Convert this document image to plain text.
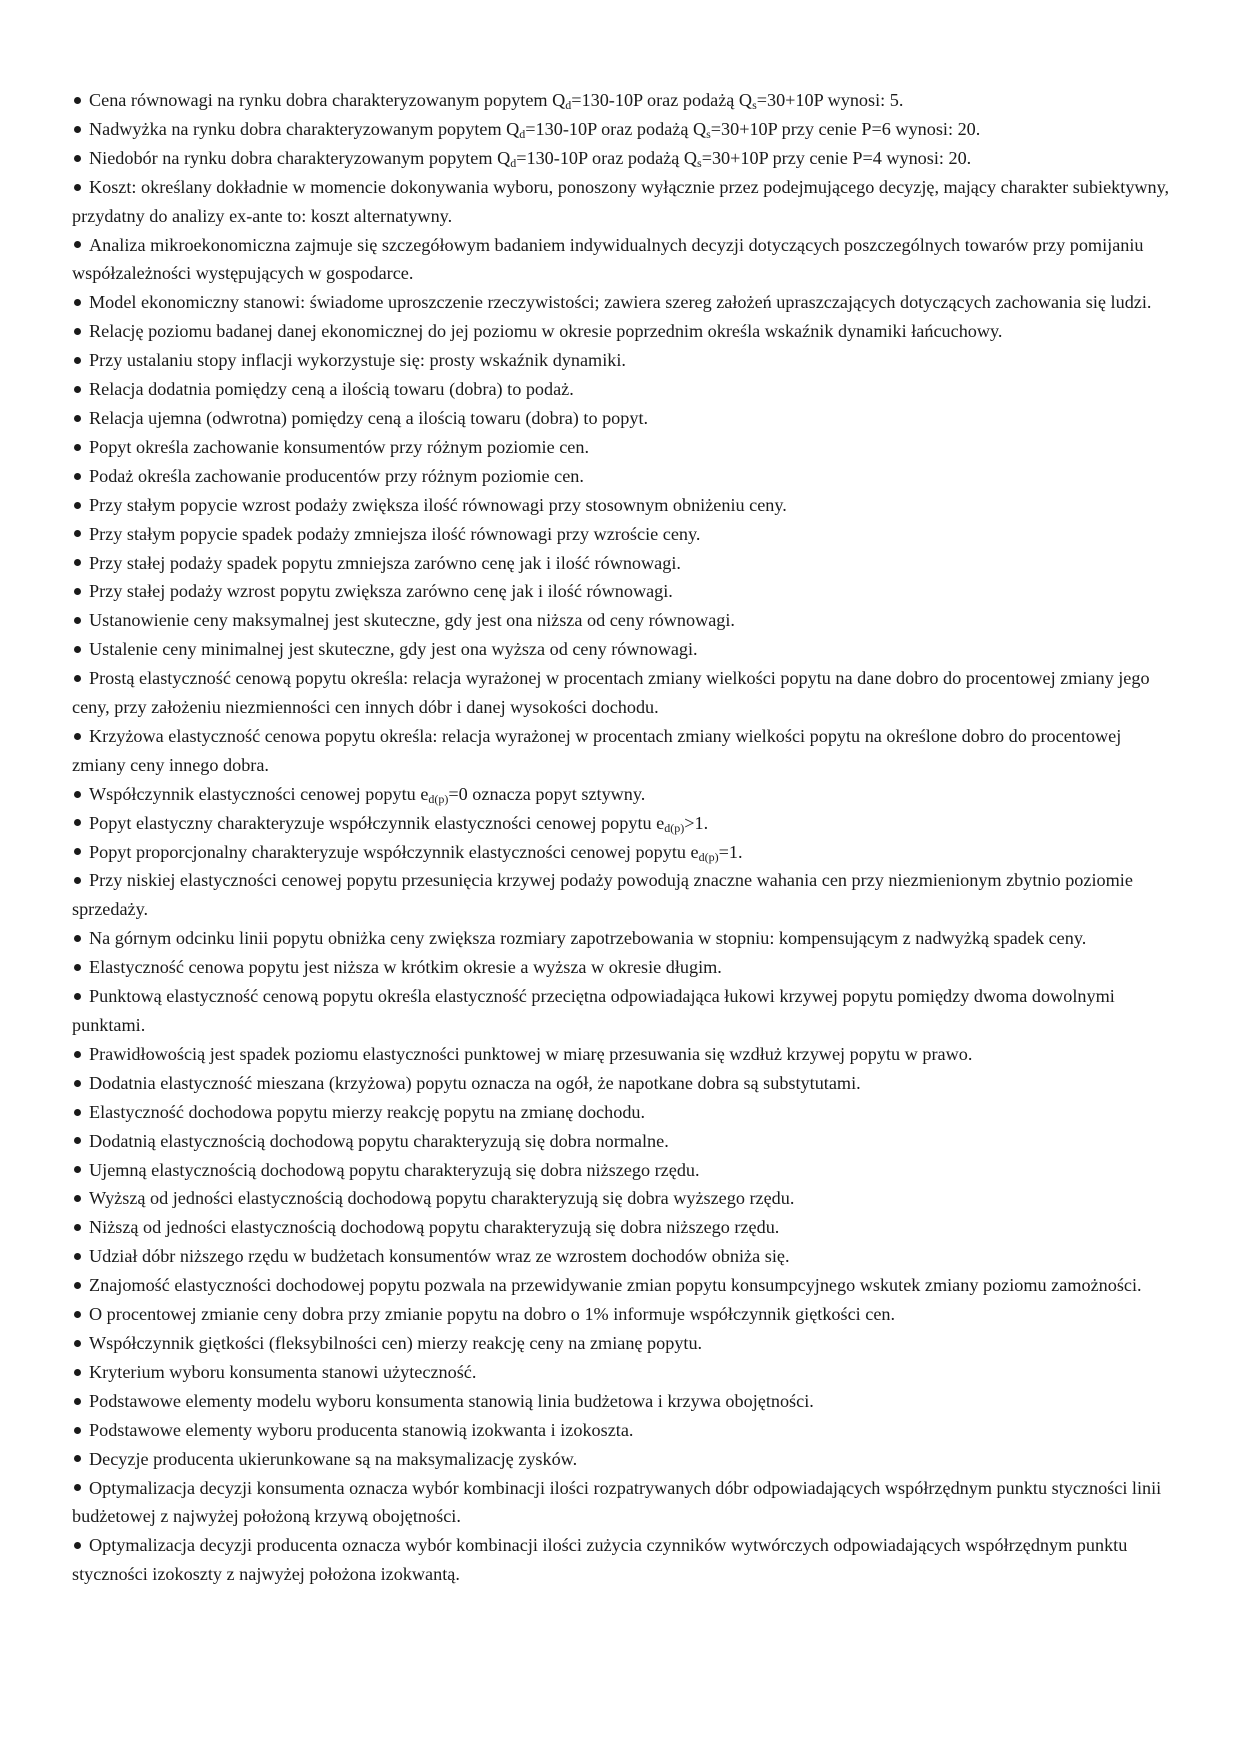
Cena równowagi na rynku dobra charakteryzowanym popytem $Q_d=130-10P$ oraz podażą $Q_s=30+10P$ wynosi: 5.

Nadwyżka na rynku dobra charakteryzowanym popytem $Q_d=130-10P$ oraz podażą $Q_s=30+10P$ przy cenie P=6 wynosi: 20.

Niedobór na rynku dobra charakteryzowanym popytem $Q_d=130-10P$ oraz podażą $Q_s=30+10P$ przy cenie P=4 wynosi: 20.

Koszt: określany dokładnie w momencie dokonywania wyboru, ponoszony wyłącznie przez podejmującego decyzję, mający charakter subiektywny, przydatny do analizy ex-ante to: koszt alternatywny.

Analiza mikroekonomiczna zajmuje się szczegółowym badaniem indywidualnych decyzji dotyczących poszczególnych towarów przy pomijaniu współzależności występujących w gospodarce.

Model ekonomiczny stanowi: świadome uproszczenie rzeczywistości; zawiera szereg założeń upraszczających dotyczących zachowania się ludzi.

Relację poziomu badanej danej ekonomicznej do jej poziomu w okresie poprzednim określa wskaźnik dynamiki łańcuchowy.

Przy ustalaniu stopy inflacji wykorzystuje się: prosty wskaźnik dynamiki.

Relacja dodatnia pomiędzy ceną a ilością towaru (dobra) to podaż.

Relacja ujemna (odwrotna) pomiędzy ceną a ilością towaru (dobra) to popyt.

Popyt określa zachowanie konsumentów przy różnym poziomie cen.

Podaż określa zachowanie producentów przy różnym poziomie cen.

Przy stałym popycie wzrost podaży zwiększa ilość równowagi przy stosownym obniżeniu ceny.

Przy stałym popycie spadek podaży zmniejsza ilość równowagi przy wzroście ceny.

Przy stałej podaży spadek popytu zmniejsza zarówno cenę jak i ilość równowagi.

Przy stałej podaży wzrost popytu zwiększa zarówno cenę jak i ilość równowagi.

Ustanowienie ceny maksymalnej jest skuteczne, gdy jest ona niższa od ceny równowagi.

Ustalenie ceny minimalnej jest skuteczne, gdy jest ona wyższa od ceny równowagi.

Prostą elastyczność cenową popytu określa: relacja wyrażonej w procentach zmiany wielkości popytu na dane dobro do procentowej zmiany jego ceny, przy założeniu niezmienności cen innych dóbr i danej wysokości dochodu.

Krzyżowa elastyczność cenowa popytu określa: relacja wyrażonej w procentach zmiany wielkości popytu na określone dobro do procentowej zmiany ceny innego dobra.

Współczynnik elastyczności cenowej popytu $e_{d(p)}=0$ oznacza popyt sztywny.

Popyt elastyczny charakteryzuje współczynnik elastyczności cenowej popytu $e_{d(p)}>1$.

Popyt proporcjonalny charakteryzuje współczynnik elastyczności cenowej popytu $e_{d(p)}=1$.

Przy niskiej elastyczności cenowej popytu przesunięcia krzywej podaży powodują znaczne wahania cen przy niezmienionym zbytnio poziomie sprzedaży.

Na górnym odcinku linii popytu obniżka ceny zwiększa rozmiary zapotrzebowania w stopniu: kompensującym z nadwyżką spadek ceny.

Elastyczność cenowa popytu jest niższa w krótkim okresie a wyższa w okresie długim.

Punktową elastyczność cenową popytu określa elastyczność przeciętna odpowiadająca łukowi krzywej popytu pomiędzy dwoma dowolnymi punktami.

Prawidłowością jest spadek poziomu elastyczności punktowej w miarę przesuwania się wzdłuż krzywej popytu w prawo.

Dodatnia elastyczność mieszana (krzyżowa) popytu oznacza na ogół, że napotkane dobra są substytutami.

Elastyczność dochodowa popytu mierzy reakcję popytu na zmianę dochodu.

Dodatnią elastycznością dochodową popytu charakteryzują się dobra normalne.

Ujemną elastycznością dochodową popytu charakteryzują się dobra niższego rzędu.

Wyższą od jedności elastycznością dochodową popytu charakteryzują się dobra wyższego rzędu.

Niższą od jedności elastycznością dochodową popytu charakteryzują się dobra niższego rzędu.

Udział dóbr niższego rzędu w budżetach konsumentów wraz ze wzrostem dochodów obniża się.

Znajomość elastyczności dochodowej popytu pozwala na przewidywanie zmian popytu konsumpcyjnego wskutek zmiany poziomu zamożności.

O procentowej zmianie ceny dobra przy zmianie popytu na dobro o 1% informuje współczynnik giętkości cen.

Współczynnik giętkości (fleksybilności cen) mierzy reakcję ceny na zmianę popytu.

Kryterium wyboru konsumenta stanowi użyteczność.

Podstawowe elementy modelu wyboru konsumenta stanowią linia budżetowa i krzywa obojętności.

Podstawowe elementy wyboru producenta stanowią izokwanta i izokoszta.

Decyzje producenta ukierunkowane są na maksymalizację zysków.

Optymalizacja decyzji konsumenta oznacza wybór kombinacji ilości rozpatrywanych dóbr odpowiadających współrzędnym punktu styczności linii budżetowej z najwyżej położoną krzywą obojętności.

Optymalizacja decyzji producenta oznacza wybór kombinacji ilości zużycia czynników wytwórczych odpowiadających współrzędnym punktu styczności izokoszty z najwyżej położona izokwantą.
